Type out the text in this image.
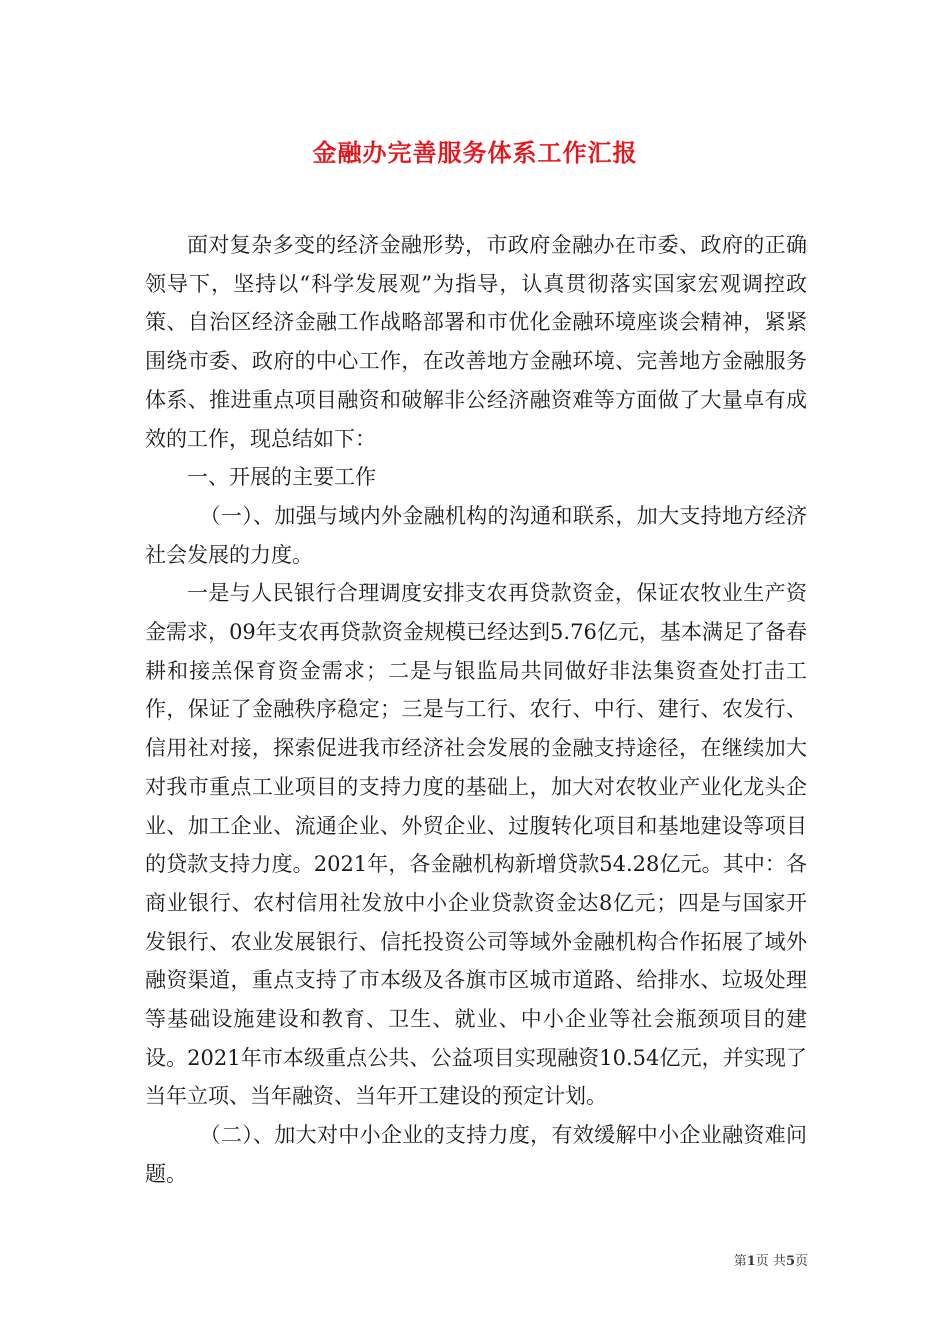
金融办完善服务体系工作汇报

面对复杂多变的经济金融形势，市政府金融办在市委、政府的正确领导下，坚持以“科学发展观”为指导，认真贯彻落实国家宏观调控政策、自治区经济金融工作战略部署和市优化金融环境座谈会精神，紧紧围绕市委、政府的中心工作，在改善地方金融环境、完善地方金融服务体系、推进重点项目融资和破解非公经济融资难等方面做了大量卓有成效的工作，现总结如下：

一、开展的主要工作

（一）、加强与域内外金融机构的沟通和联系，加大支持地方经济社会发展的力度。

一是与人民银行合理调度安排支农再贷款资金，保证农牧业生产资金需求，09年支农再贷款资金规模已经达到5.76亿元，基本满足了备春耕和接羔保育资金需求；二是与银监局共同做好非法集资查处打击工作，保证了金融秩序稳定；三是与工行、农行、中行、建行、农发行、信用社对接，探索促进我市经济社会发展的金融支持途径，在继续加大对我市重点工业项目的支持力度的基础上，加大对农牧业产业化龙头企业、加工企业、流通企业、外贸企业、过腹转化项目和基地建设等项目的贷款支持力度。2021年，各金融机构新增贷款54.28亿元。其中：各商业银行、农村信用社发放中小企业贷款资金达8亿元；四是与国家开发银行、农业发展银行、信托投资公司等域外金融机构合作拓展了域外融资渠道，重点支持了市本级及各旗市区城市道路、给排水、垃圾处理等基础设施建设和教育、卫生、就业、中小企业等社会瓶颈项目的建设。2021年市本级重点公共、公益项目实现融资10.54亿元，并实现了当年立项、当年融资、当年开工建设的预定计划。

（二）、加大对中小企业的支持力度，有效缓解中小企业融资难问题。

第1页 共5页
